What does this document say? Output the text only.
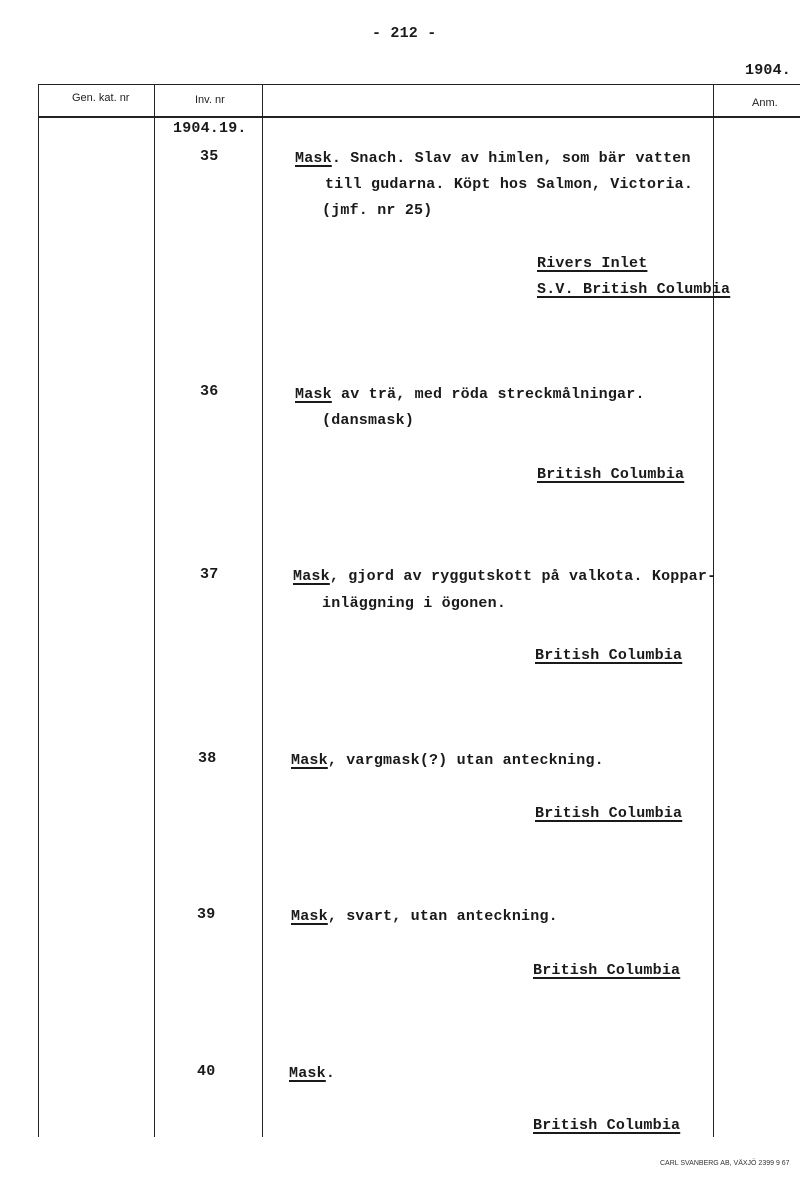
- 212 -
1904.
Gen. kat. nr	Inv. nr	Anm.
1904.19.
35	Mask. Snach. Slav av himlen, som bär vatten
till gudarna. Köpt hos Salmon, Victoria.
(jmf. nr 25)
Rivers Inlet
S.V. British Columbia
36	Mask av trä, med röda streckmålningar.
(dansmask)
British Columbia
37	Mask, gjord av ryggutskott på valkota. Koppar-
inläggning i ögonen.
British Columbia
38	Mask, vargmask(?) utan anteckning.
British Columbia
39	Mask, svart, utan anteckning.
British Columbia
40	Mask.
British Columbia
CARL SVANBERG AB, VÄXJÖ 2399 9 67
